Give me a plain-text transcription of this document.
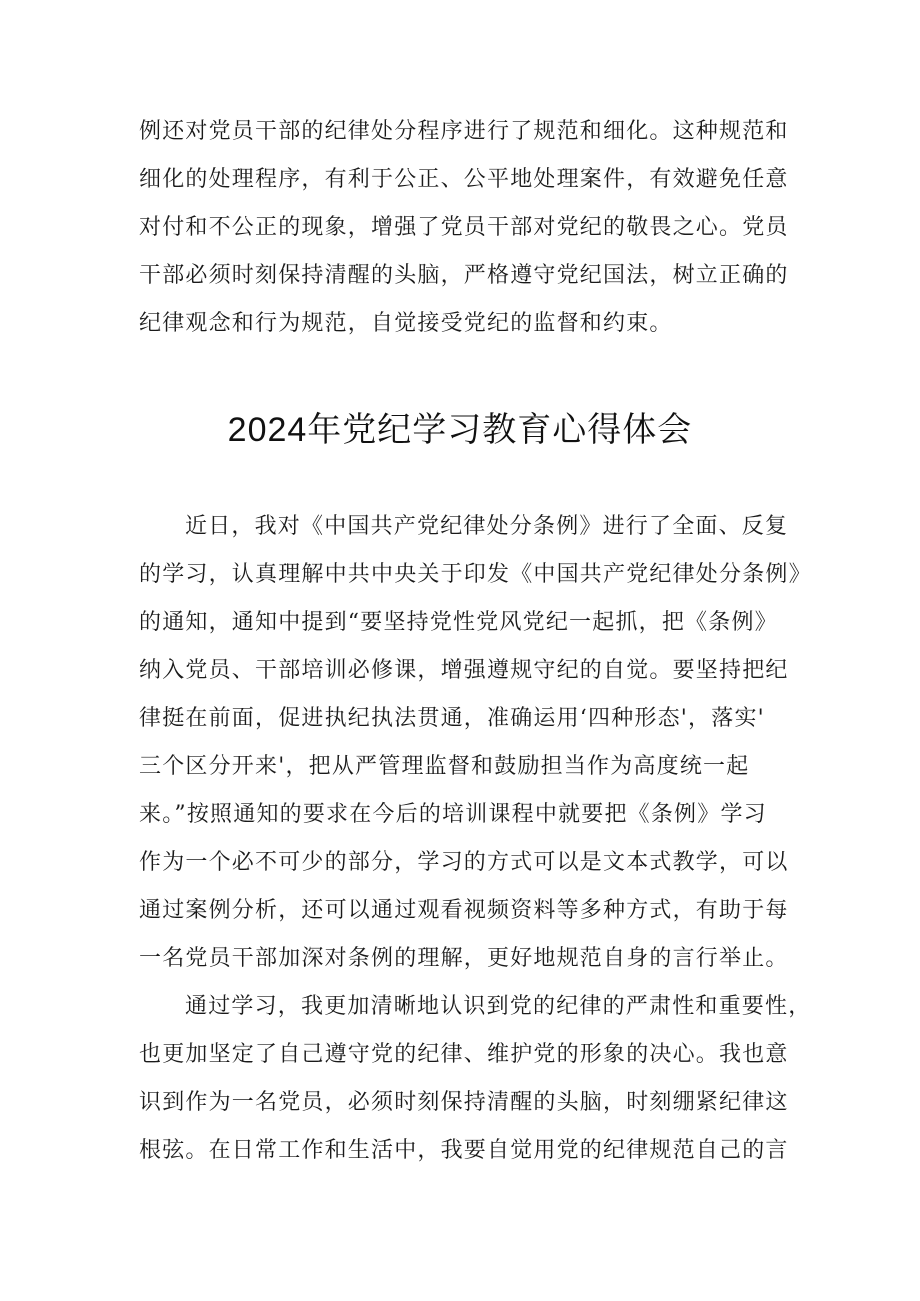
例还对党员干部的纪律处分程序进行了规范和细化。这种规范和
细化的处理程序，有利于公正、公平地处理案件，有效避免任意
对付和不公正的现象，增强了党员干部对党纪的敬畏之心。党员
干部必须时刻保持清醒的头脑，严格遵守党纪国法，树立正确的
纪律观念和行为规范，自觉接受党纪的监督和约束。
2024年党纪学习教育心得体会
近日，我对《中国共产党纪律处分条例》进行了全面、反复
的学习，认真理解中共中央关于印发《中国共产党纪律处分条例》
的通知，通知中提到“要坚持党性党风党纪一起抓，把《条例》
纳入党员、干部培训必修课，增强遵规守纪的自觉。要坚持把纪
律挺在前面，促进执纪执法贯通，准确运用‘四种形态'，落实'
三个区分开来'，把从严管理监督和鼓励担当作为高度统一起
来。”按照通知的要求在今后的培训课程中就要把《条例》学习
作为一个必不可少的部分，学习的方式可以是文本式教学，可以
通过案例分析，还可以通过观看视频资料等多种方式，有助于每
一名党员干部加深对条例的理解，更好地规范自身的言行举止。
通过学习，我更加清晰地认识到党的纪律的严肃性和重要性，
也更加坚定了自己遵守党的纪律、维护党的形象的决心。我也意
识到作为一名党员，必须时刻保持清醒的头脑，时刻绷紧纪律这
根弦。在日常工作和生活中，我要自觉用党的纪律规范自己的言
